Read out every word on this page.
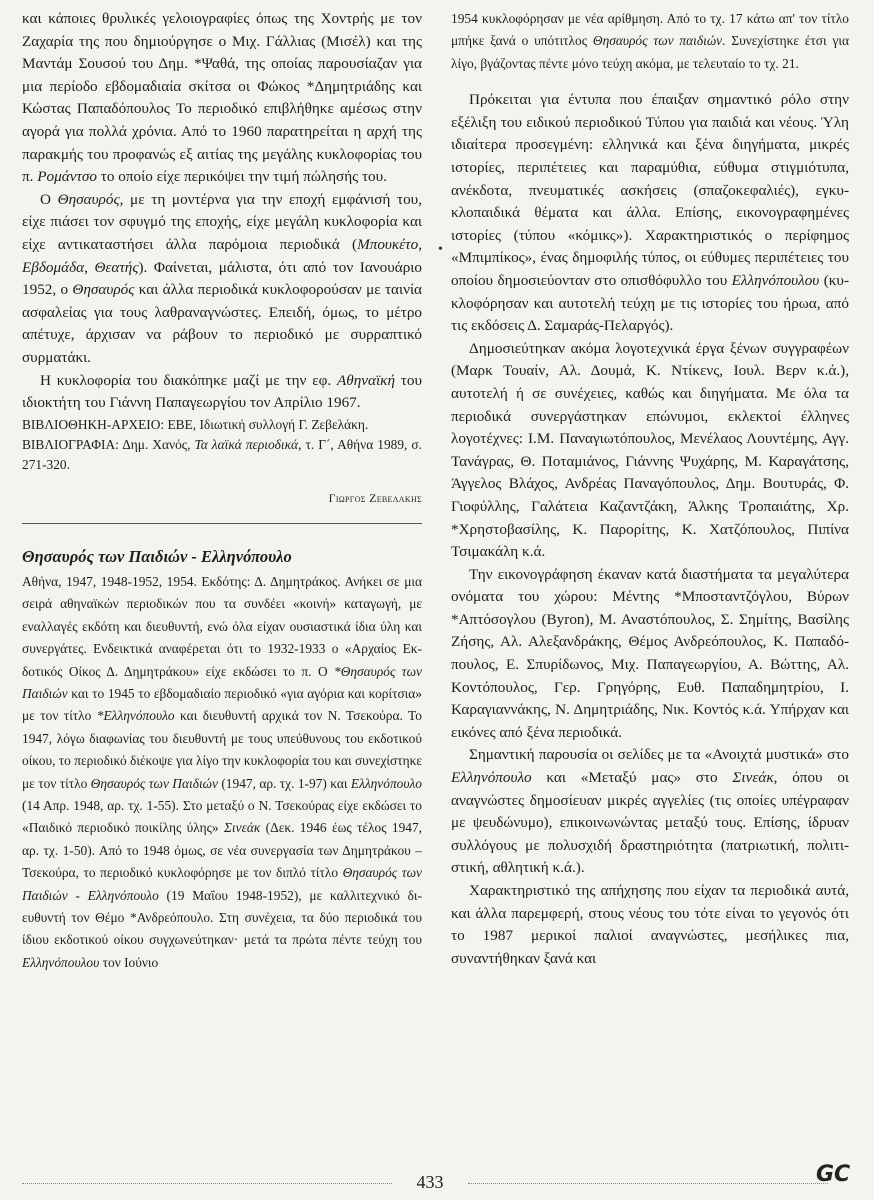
και κάποιες θρυλικές γελοιογραφίες όπως της Χοντρής με τον Ζαχαρία της που δημιούργησε ο Μιχ. Γάλλιας (Μισέλ) και της Μαντάμ Σουσού του Δημ. *Ψαθά, της οποίας παρουσίαζαν για μια περίοδο εβδομαδιαία σκίτσα οι Φώκος *Δημητριάδης και Κώστας Παπαδόπουλος Το περιοδικό επιβλήθηκε αμέσως στην αγορά για πολλά χρόνια. Από το 1960 παρατηρείται η αρχή της παρακμής του προφανώς εξ αιτίας της μεγάλης κυκλοφορίας του π. Ρομάντσο το οποίο είχε περικόψει την τιμή πώλησής του.

Ο Θησαυρός, με τη μοντέρνα για την εποχή εμφάνισή του, είχε πιάσει τον σφυγμό της εποχής, είχε μεγάλη κυκλοφορία και είχε αντικαταστήσει άλλα παρόμοια περιοδικά (Μπουκέτο, Εβδομάδα, Θεατής). Φαίνεται, μάλιστα, ότι από τον Ιανουάριο 1952, ο Θησαυρός και άλλα περιοδικά κυκλοφορούσαν με ταινία ασφαλείας για τους λαθραναγνώστες. Επειδή, όμως, το μέτρο απέτυχε, άρχισαν να ράβουν το περιοδικό με συρραπτικό συρματάκι.

Η κυκλοφορία του διακόπηκε μαζί με την εφ. Αθηναϊκή του ιδιοκτήτη του Γιάννη Παπαγεωργίου τον Απρίλιο 1967.

ΒΙΒΛΙΟΘΗΚΗ-ΑΡΧΕΙΟ: ΕΒΕ, Ιδιωτική συλλογή Γ. Ζεβελάκη.

ΒΙΒΛΙΟΓΡΑΦΙΑ: Δημ. Χανός, Τα λαϊκά περιοδικά, τ. Γ´, Αθήνα 1989, σ. 271-320.

Γιωργος Ζεβελακης
Θησαυρός των Παιδιών - Ελληνόπουλο

Αθήνα, 1947, 1948-1952, 1954. Εκδότης: Δ. Δημητράκος. Ανήκει σε μια σειρά αθηναϊκών περιοδικών που τα συνδέει «κοινή» καταγωγή, με εναλλαγές εκδότη και διευθυντή, ενώ όλα είχαν ουσιαστικά ίδια ύλη και συνεργάτες. Ενδεικτικά αναφέρεται ότι το 1932-1933 ο «Αρχαίος Εκδοτικός Οίκος Δ. Δημητράκου» είχε εκδώσει το π. Ο *Θησαυρός των Παιδιών και το 1945 το εβδομαδιαίο περιοδικό «για αγόρια και κορίτσια» με τον τίτλο *Ελληνόπουλο και διευθυντή αρχικά τον Ν. Τσεκούρα. Το 1947, λόγω διαφωνίας του διευθυντή με τους υπεύθυνους του εκδοτικού οίκου, το περιοδικό διέκοψε για λίγο την κυκλοφορία του και συνεχίστηκε με τον τίτλο Θησαυρός των Παιδιών (1947, αρ. τχ. 1-97) και Ελληνόπουλο (14 Απρ. 1948, αρ. τχ. 1-55). Στο μεταξύ ο Ν. Τσεκούρας είχε εκδώσει το «Παιδικό περιοδικό ποικίλης ύλης» Σινεάκ (Δεκ. 1946 έως τέλος 1947, αρ. τχ. 1-50). Από το 1948 όμως, σε νέα συνεργασία των Δημητράκου – Τσεκούρα, το περιοδικό κυκλοφόρησε με τον διπλό τίτλο Θησαυρός των Παιδιών - Ελληνόπουλο (19 Μαΐου 1948-1952), με καλλιτεχνικό διευθυντή τον Θέμο *Ανδρεόπουλο. Στη συνέχεια, τα δύο περιοδικά του ίδιου εκδοτικού οίκου συγχωνεύτηκαν· μετά τα πρώτα πέντε τεύχη του Ελληνόπουλου τον Ιούνιο

•

1954 κυκλοφόρησαν με νέα αρίθμηση. Από το τχ. 17 κάτω απ' τον τίτλο μπήκε ξανά ο υπότιτλος Θησαυρός των παιδιών. Συνεχίστηκε έτσι για λίγο, βγάζοντας πέντε μόνο τεύχη ακόμα, με τελευταίο το τχ. 21.

Πρόκειται για έντυπα που έπαιξαν σημαντικό ρόλο στην εξέλιξη του ειδικού περιοδικού Τύπου για παιδιά και νέους. Ύλη ιδιαίτερα προσεγμένη: ελληνικά και ξένα διηγήματα, μικρές ιστορίες, περιπέτειες και παραμύθια, εύθυμα στιγμιότυπα, ανέκδοτα, πνευματικές ασκήσεις (σπαζοκεφαλιές), εγκυκλοπαιδικά θέματα και άλλα. Επίσης, εικονογραφημένες ιστορίες (τύπου «κόμικς»). Χαρακτηριστικός ο περίφημος «Μπιμπίκος», ένας δημοφιλής τύπος, οι εύθυμες περιπέτειες του οποίου δημοσιεύονταν στο οπισθόφυλλο του Ελληνόπουλου (κυκλοφόρησαν και αυτοτελή τεύχη με τις ιστορίες του ήρωα, από τις εκδόσεις Δ. Σαμαράς-Πελαργός).

Δημοσιεύτηκαν ακόμα λογοτεχνικά έργα ξένων συγγραφέων (Μαρκ Τουαίν, Αλ. Δουμά, Κ. Ντίκενς, Ιουλ. Βερν κ.ά.), αυτοτελή ή σε συνέχειες, καθώς και διηγήματα. Με όλα τα περιοδικά συνεργάστηκαν επώνυμοι, εκλεκτοί έλληνες λογοτέχνες: Ι.Μ. Παναγιωτόπουλος, Μενέλαος Λουντέμης, Αγγ. Τανάγρας, Θ. Ποταμιάνος, Γιάννης Ψυχάρης, Μ. Καραγάτσης, Άγγελος Βλάχος, Ανδρέας Παναγόπουλος, Δημ. Βουτυράς, Φ. Γιοφύλλης, Γαλάτεια Καζαντζάκη, Άλκης Τροπαιάτης, Χρ. *Χρηστοβασίλης, Κ. Παρορίτης, Κ. Χατζόπουλος, Πιπίνα Τσιμακάλη κ.ά.

Την εικονογράφηση έκαναν κατά διαστήματα τα μεγαλύτερα ονόματα του χώρου: Μέντης *Μποσταντζόγλου, Βύρων *Απτόσογλου (Byron), Μ. Αναστόπουλος, Σ. Σημίτης, Βασίλης Ζήσης, Αλ. Αλεξανδράκης, Θέμος Ανδρεόπουλος, Κ. Παπαδόπουλος, Ε. Σπυρίδωνος, Μιχ. Παπαγεωργίου, Α. Βώττης, Αλ. Κοντόπουλος, Γερ. Γρηγόρης, Ευθ. Παπαδημητρίου, Ι. Καραγιαννάκης, Ν. Δημητριάδης, Νικ. Κοντός κ.ά. Υπήρχαν και εικόνες από ξένα περιοδικά.

Σημαντική παρουσία οι σελίδες με τα «Ανοιχτά μυστικά» στο Ελληνόπουλο και «Μεταξύ μας» στο Σινεάκ, όπου οι αναγνώστες δημοσίευαν μικρές αγγελίες (τις οποίες υπέγραφαν με ψευδώνυμο), επικοινωνώντας μεταξύ τους. Επίσης, ίδρυαν συλλόγους με πολυσχιδή δραστηριότητα (πατριωτική, πολιτιστική, αθλητική κ.ά.).

Χαρακτηριστικό της απήχησης που είχαν τα περιοδικά αυτά, και άλλα παρεμφερή, στους νέους του τότε είναι το γεγονός ότι το 1987 μερικοί παλιοί αναγνώστες, μεσήλικες πια, συναντήθηκαν ξανά και

433	GC
